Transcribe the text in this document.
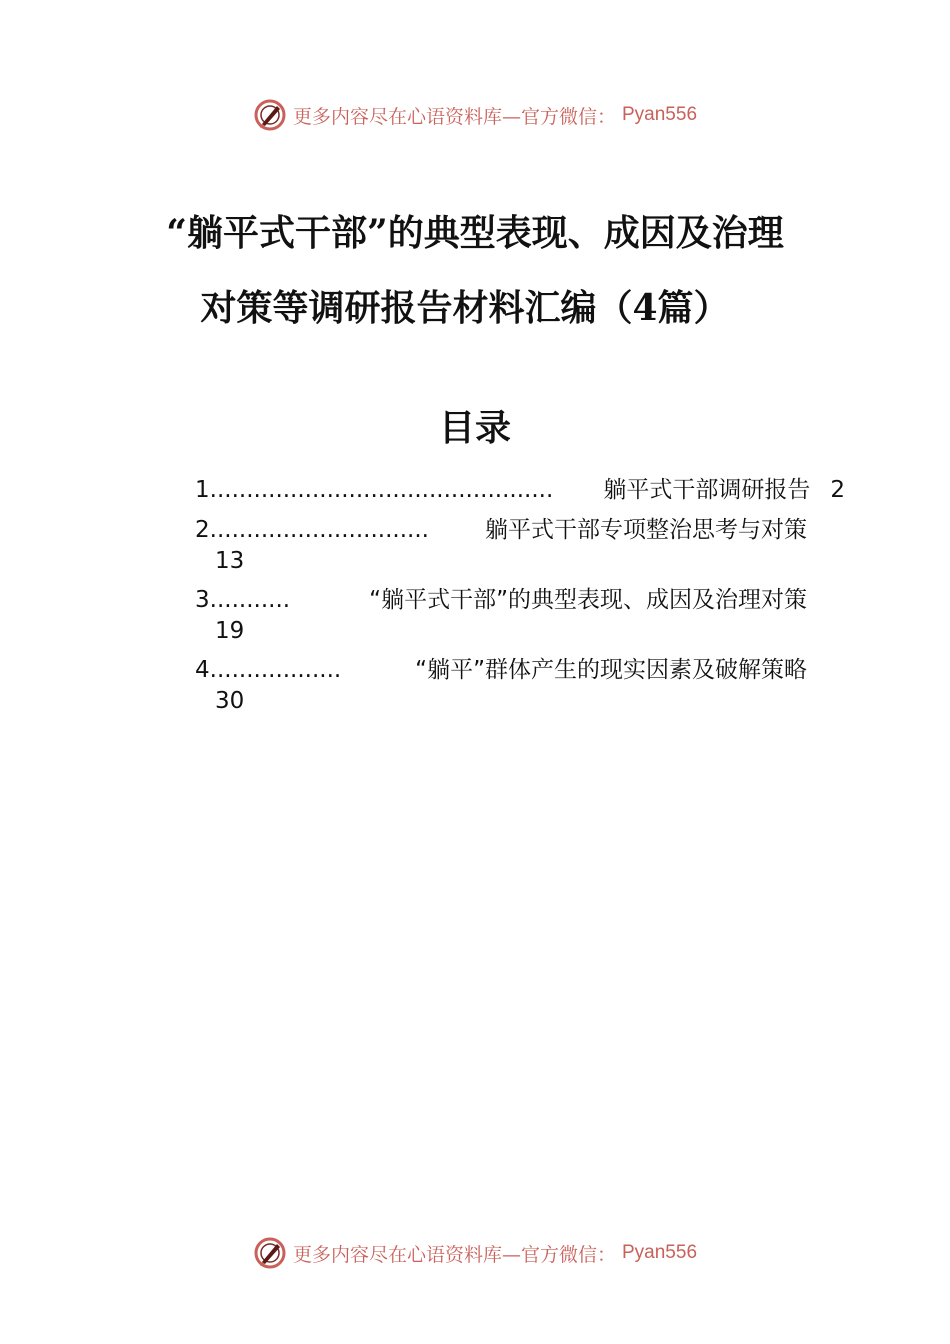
更多内容尽在心语资料库—官方微信： Pyan556
“躺平式干部”的典型表现、成因及治理
对策等调研报告材料汇编（4篇）
目录
1 ...............................................	躺平式干部调研报告 2
2 ..............................	躺平式干部专项整治思考与对策
13
3 ...........	“躺平式干部”的典型表现、成因及治理对策
19
4 ..................	“躺平”群体产生的现实因素及破解策略
30
更多内容尽在心语资料库—官方微信： Pyan556
